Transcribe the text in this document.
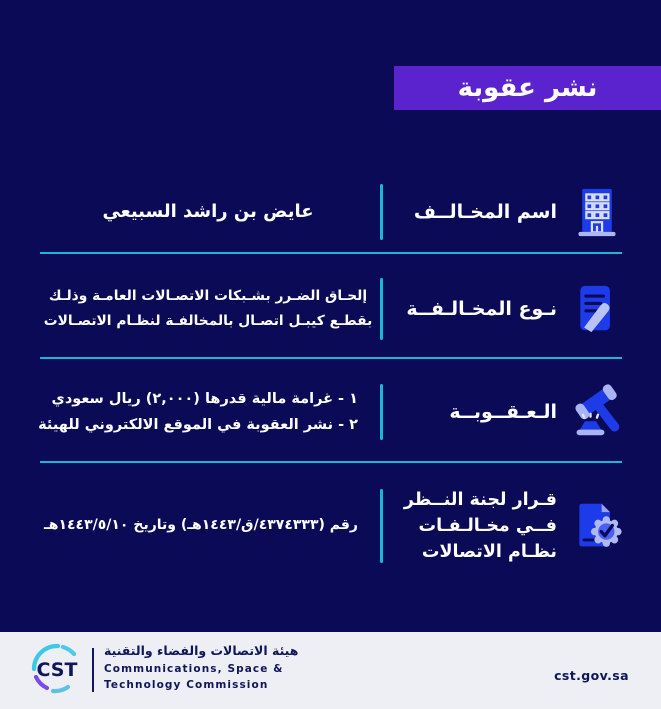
نشر عقوبة
اسم المخـالــف
عايض بن راشد السبيعي
نـوع المخـالـفــة
إلحـاق الضـرر بشـبكات الاتصـالات العامـة وذلـك
بقطـع كيبـل اتصـال بالمخالفـة لنظـام الاتصـالات
الـعـقــوبــة
١ - غرامة مالية قدرها (٢,٠٠٠) ريال سعودي
٢ - نشر العقوبة في الموقع الالكتروني للهيئة
قـرار لجنة النــظر
فــي مخـالـفـات
نظـام الاتصالات
رقم (٤٣٧٤٣٣٣/ق/١٤٤٣هـ) وتاريخ ١٤٤٣/٥/١٠هـ
CST
هيئة الاتصالات والفضاء والتقنية
Communications, Space &
Technology Commission
cst.gov.sa
